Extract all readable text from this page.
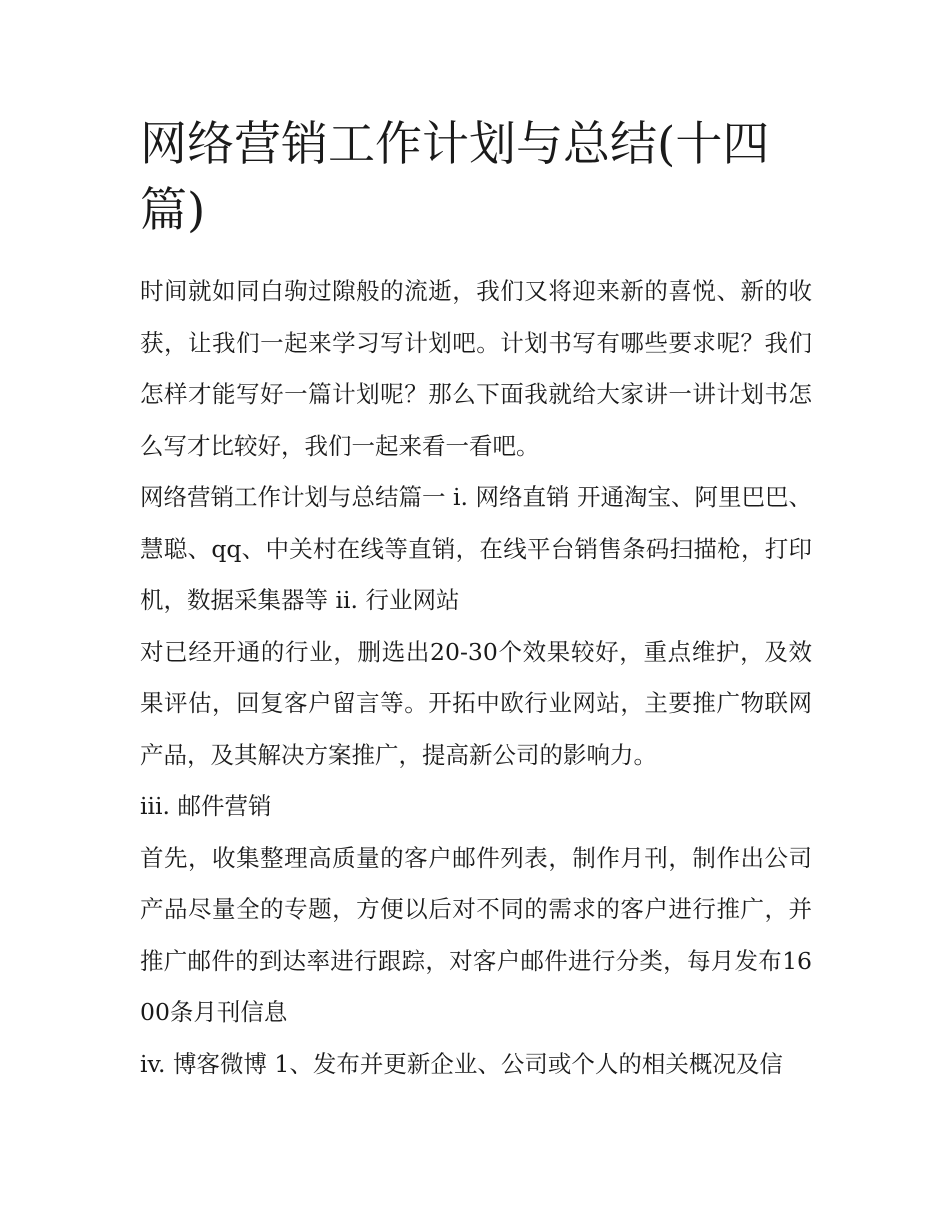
网络营销工作计划与总结(十四篇)

时间就如同白驹过隙般的流逝，我们又将迎来新的喜悦、新的收获，让我们一起来学习写计划吧。计划书写有哪些要求呢？我们怎样才能写好一篇计划呢？那么下面我就给大家讲一讲计划书怎么写才比较好，我们一起来看一看吧。

网络营销工作计划与总结篇一 i. 网络直销 开通淘宝、阿里巴巴、慧聪、qq、中关村在线等直销，在线平台销售条码扫描枪，打印机，数据采集器等 ii. 行业网站

对已经开通的行业，删选出20-30个效果较好，重点维护，及效果评估，回复客户留言等。开拓中欧行业网站，主要推广物联网产品，及其解决方案推广，提高新公司的影响力。

iii. 邮件营销

首先，收集整理高质量的客户邮件列表，制作月刊，制作出公司产品尽量全的专题，方便以后对不同的需求的客户进行推广，并推广邮件的到达率进行跟踪，对客户邮件进行分类，每月发布1600条月刊信息

iv. 博客微博 1、发布并更新企业、公司或个人的相关概况及信
